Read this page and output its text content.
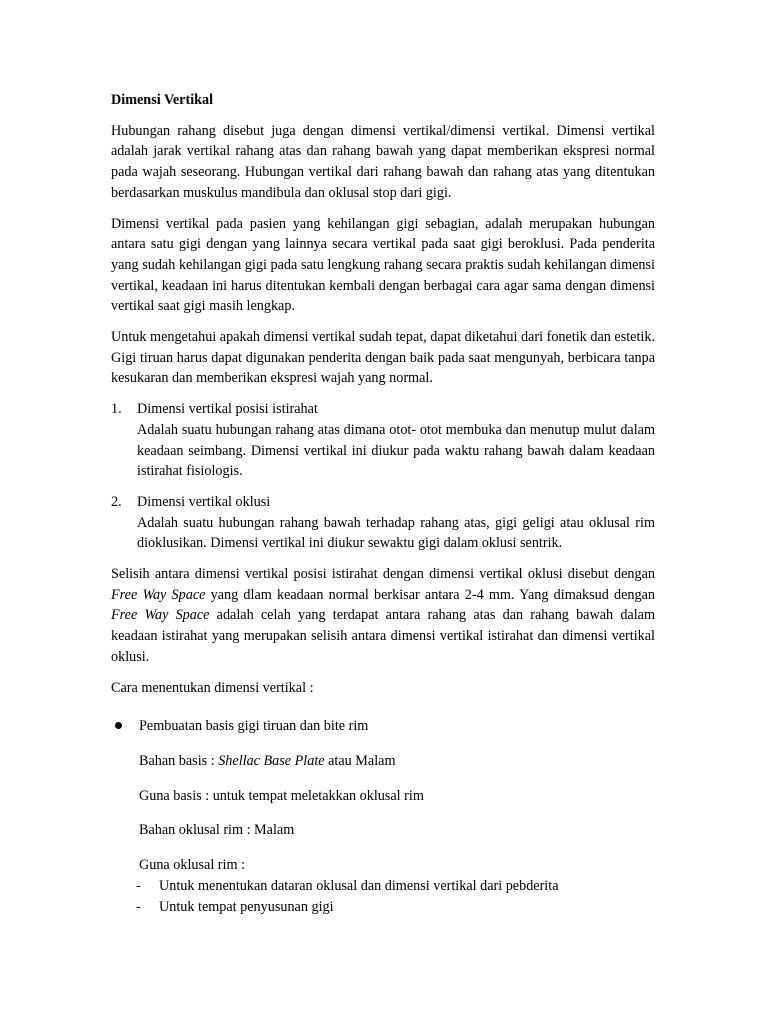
Dimensi Vertikal

Hubungan rahang disebut juga dengan dimensi vertikal/dimensi vertikal. Dimensi vertikal adalah jarak vertikal rahang atas dan rahang bawah yang dapat memberikan ekspresi normal pada wajah seseorang. Hubungan vertikal dari rahang bawah dan rahang atas yang ditentukan berdasarkan muskulus mandibula dan oklusal stop dari gigi.

Dimensi vertikal pada pasien yang kehilangan gigi sebagian, adalah merupakan hubungan antara satu gigi dengan yang lainnya secara vertikal pada saat gigi beroklusi. Pada penderita yang sudah kehilangan gigi pada satu lengkung rahang secara praktis sudah kehilangan dimensi vertikal, keadaan ini harus ditentukan kembali dengan berbagai cara agar sama dengan dimensi vertikal saat gigi masih lengkap.

Untuk mengetahui apakah dimensi vertikal sudah tepat, dapat diketahui dari fonetik dan estetik. Gigi tiruan harus dapat digunakan penderita dengan baik pada saat mengunyah, berbicara tanpa kesukaran dan memberikan ekspresi wajah yang normal.

1. Dimensi vertikal posisi istirahat
Adalah suatu hubungan rahang atas dimana otot- otot membuka dan menutup mulut dalam keadaan seimbang. Dimensi vertikal ini diukur pada waktu rahang bawah dalam keadaan istirahat fisiologis.
2. Dimensi vertikal oklusi
Adalah suatu hubungan rahang bawah terhadap rahang atas, gigi geligi atau oklusal rim dioklusikan. Dimensi vertikal ini diukur sewaktu gigi dalam oklusi sentrik.

Selisih antara dimensi vertikal posisi istirahat dengan dimensi vertikal oklusi disebut dengan Free Way Space yang dlam keadaan normal berkisar antara 2-4 mm. Yang dimaksud dengan Free Way Space adalah celah yang terdapat antara rahang atas dan rahang bawah dalam keadaan istirahat yang merupakan selisih antara dimensi vertikal istirahat dan dimensi vertikal oklusi.

Cara menentukan dimensi vertikal :

Pembuatan basis gigi tiruan dan bite rim
Bahan basis : Shellac Base Plate atau Malam
Guna basis : untuk tempat meletakkan oklusal rim
Bahan oklusal rim : Malam
Guna oklusal rim :
- Untuk menentukan dataran oklusal dan dimensi vertikal dari pebderita
- Untuk tempat penyusunan gigi
